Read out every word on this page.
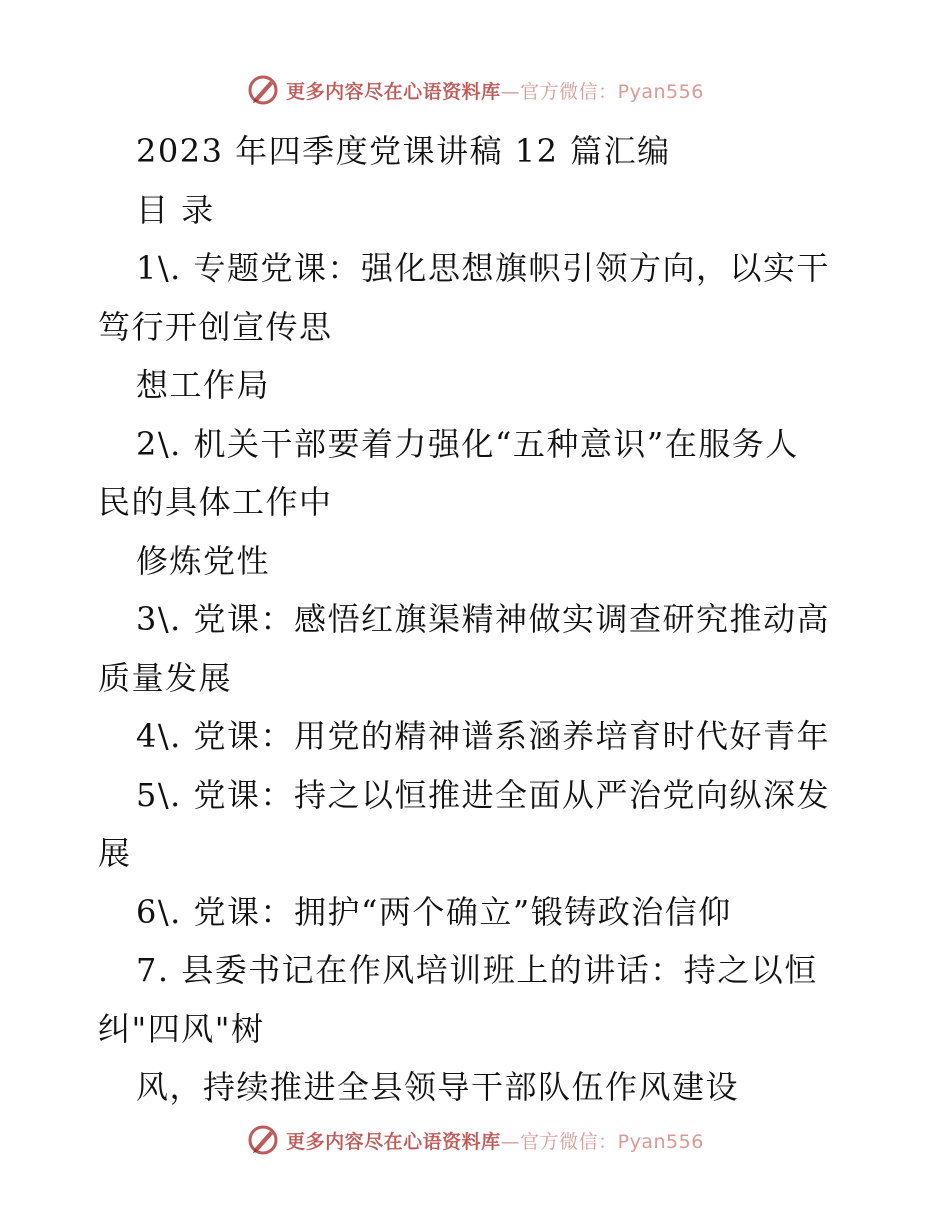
更多内容尽在心语资料库—官方微信：Pyan556
2023 年四季度党课讲稿 12 篇汇编
目 录
1\. 专题党课：强化思想旗帜引领方向，以实干
笃行开创宣传思
想工作局
2\. 机关干部要着力强化“五种意识”在服务人
民的具体工作中
修炼党性
3\. 党课：感悟红旗渠精神做实调查研究推动高
质量发展
4\. 党课：用党的精神谱系涵养培育时代好青年
5\. 党课：持之以恒推进全面从严治党向纵深发
展
6\. 党课：拥护“两个确立”锻铸政治信仰
7. 县委书记在作风培训班上的讲话：持之以恒
纠"四风"树
风，持续推进全县领导干部队伍作风建设
更多内容尽在心语资料库—官方微信：Pyan556
